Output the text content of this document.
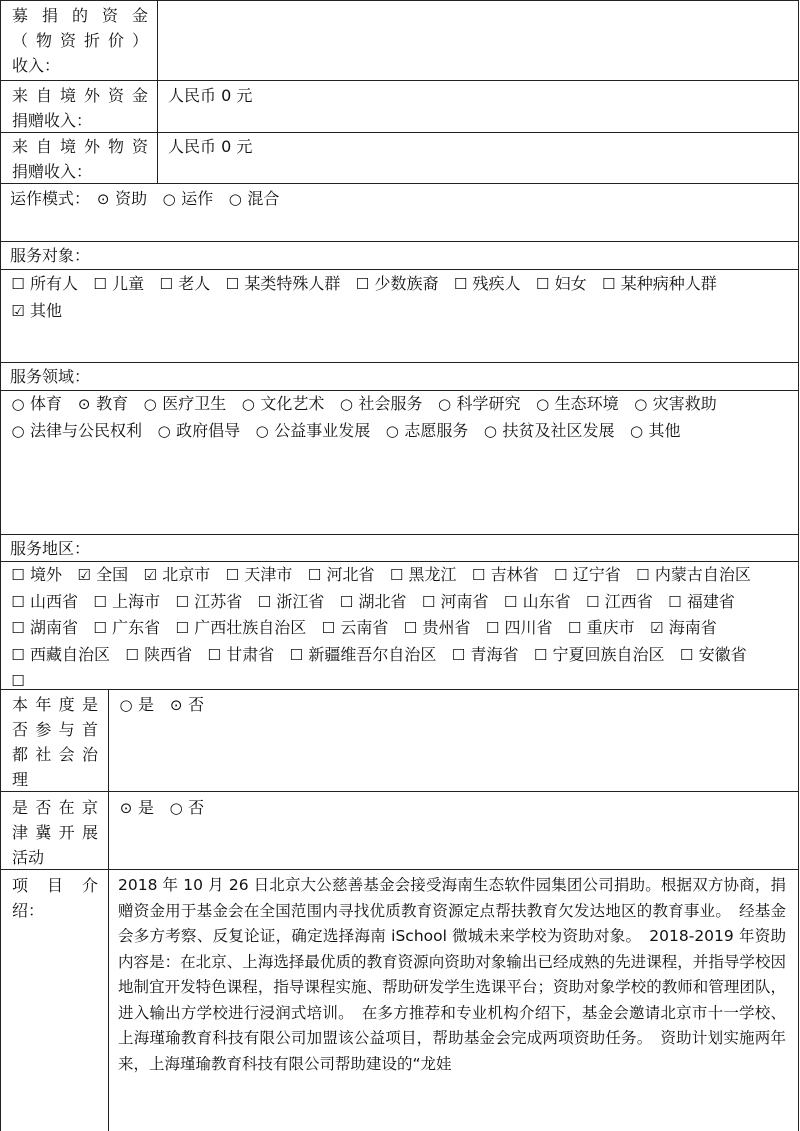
募捐的资金
（物资折价）
收入：
来自境外资金
捐赠收入：
人民币 0 元
来自境外物资
捐赠收入：
人民币 0 元
运作模式： ⊙ 资助 ○ 运作 ○ 混合
服务对象：
☐ 所有人 ☐ 儿童 ☐ 老人 ☐ 某类特殊人群 ☐ 少数族裔 ☐ 残疾人 ☐ 妇女 ☐ 某种病种人群 ☑ 其他
服务领域：
○ 体育 ⊙ 教育 ○ 医疗卫生 ○ 文化艺术 ○ 社会服务 ○ 科学研究 ○ 生态环境 ○ 灾害救助 ○ 法律与公民权利 ○ 政府倡导 ○ 公益事业发展 ○ 志愿服务 ○ 扶贫及社区发展 ○ 其他
服务地区：
☐ 境外 ☑ 全国 ☑ 北京市 ☐ 天津市 ☐ 河北省 ☐ 黑龙江 ☐ 吉林省 ☐ 辽宁省 ☐ 内蒙古自治区 ☐ 山西省 ☐ 上海市 ☐ 江苏省 ☐ 浙江省 ☐ 湖北省 ☐ 河南省 ☐ 山东省 ☐ 江西省 ☐ 福建省 ☐ 湖南省 ☐ 广东省 ☐ 广西壮族自治区 ☐ 云南省 ☐ 贵州省 ☐ 四川省 ☐ 重庆市 ☑ 海南省 ☐ 西藏自治区 ☐ 陕西省 ☐ 甘肃省 ☐ 新疆维吾尔自治区 ☐ 青海省 ☐ 宁夏回族自治区 ☐ 安徽省 ☐
本年度是
否参与首
都社会治
理
○ 是 ⊙ 否
是否在京
津冀开展
活动
⊙ 是 ○ 否
项目介
绍：
2018 年 10 月 26 日北京大公慈善基金会接受海南生态软件园集团公司捐助。根据双方协商，捐赠资金用于基金会在全国范围内寻找优质教育资源定点帮扶教育欠发达地区的教育事业。　经基金会多方考察、反复论证，确定选择海南 iSchool 微城未来学校为资助对象。　2018-2019 年资助内容是：在北京、上海选择最优质的教育资源向资助对象输出已经成熟的先进课程，并指导学校因地制宜开发特色课程，指导课程实施、帮助研发学生选课平台；资助对象学校的教师和管理团队，进入输出方学校进行浸润式培训。　在多方推荐和专业机构介绍下，基金会邀请北京市十一学校、上海瑾瑜教育科技有限公司加盟该公益项目，帮助基金会完成两项资助任务。　资助计划实施两年来，上海瑾瑜教育科技有限公司帮助建设的“龙娃
